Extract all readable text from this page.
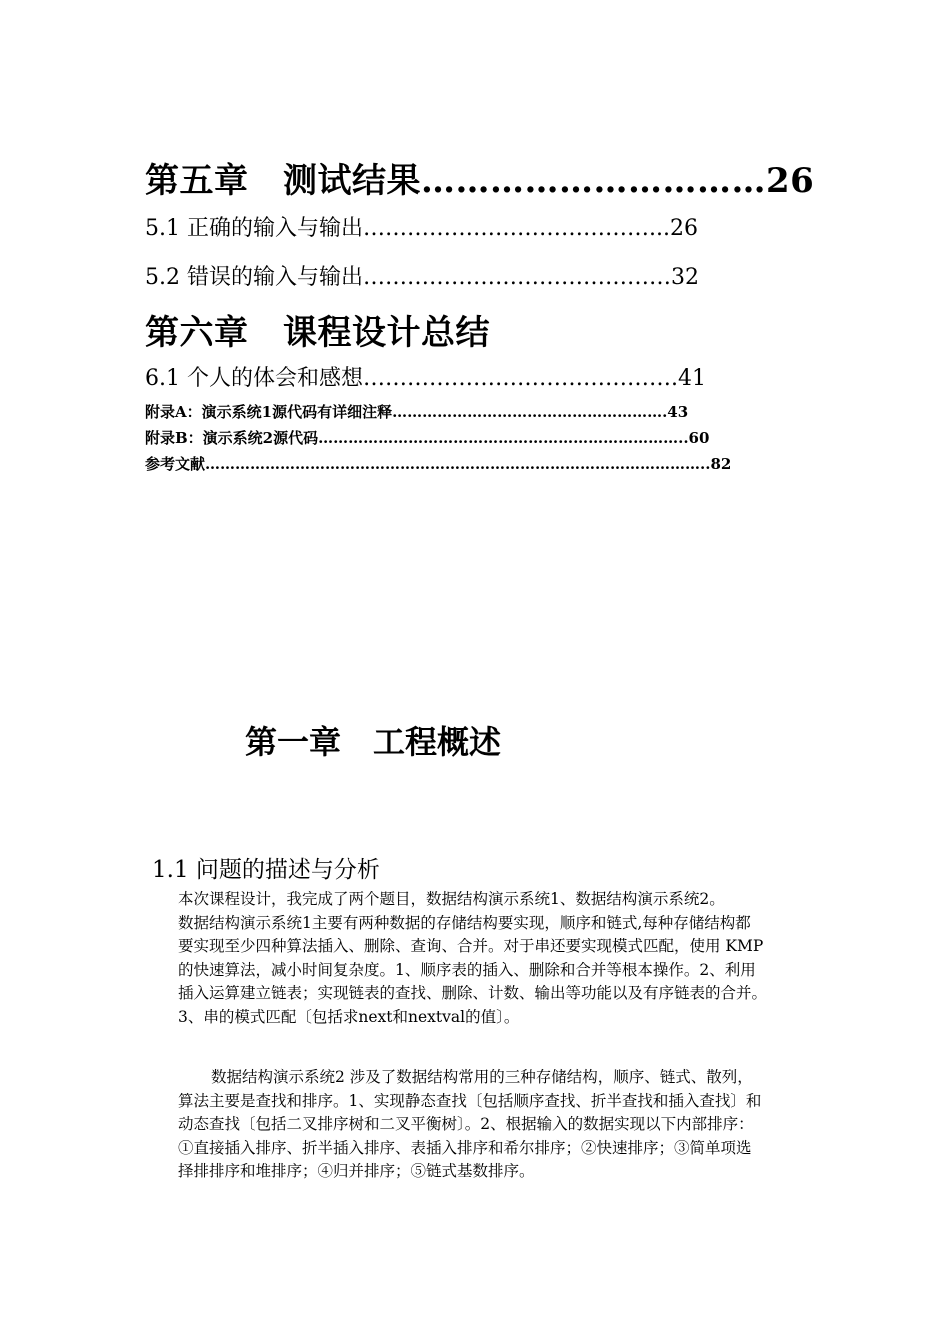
第五章　测试结果…………………………26
5.1 正确的输入与输出…………………………………...26
5.2 错误的输入与输出……………………………………32
第六章　课程设计总结
6.1 个人的体会和感想…………………………………….41
附录A：演示系统1源代码有详细注释……………………………………………….43
附录B：演示系统2源代码………………………………………………………………..60
参考文献………………………………………………………………………………………..82
第一章　工程概述
1.1 问题的描述与分析
本次课程设计，我完成了两个题目，数据结构演示系统1、数据结构演示系统2。
数据结构演示系统1主要有两种数据的存储结构要实现，顺序和链式,每种存储结构都
要实现至少四种算法插入、删除、查询、合并。对于串还要实现模式匹配，使用 KMP
的快速算法，减小时间复杂度。1、顺序表的插入、删除和合并等根本操作。2、利用
插入运算建立链表；实现链表的查找、删除、计数、输出等功能以及有序链表的合并。
3、串的模式匹配〔包括求next和nextval的值〕。
数据结构演示系统2 涉及了数据结构常用的三种存储结构，顺序、链式、散列，
算法主要是查找和排序。1、实现静态查找〔包括顺序查找、折半查找和插入查找〕和
动态查找〔包括二叉排序树和二叉平衡树〕。2、根据输入的数据实现以下内部排序：
①直接插入排序、折半插入排序、表插入排序和希尔排序；②快速排序；③简单项选
择排排序和堆排序；④归并排序；⑤链式基数排序。
